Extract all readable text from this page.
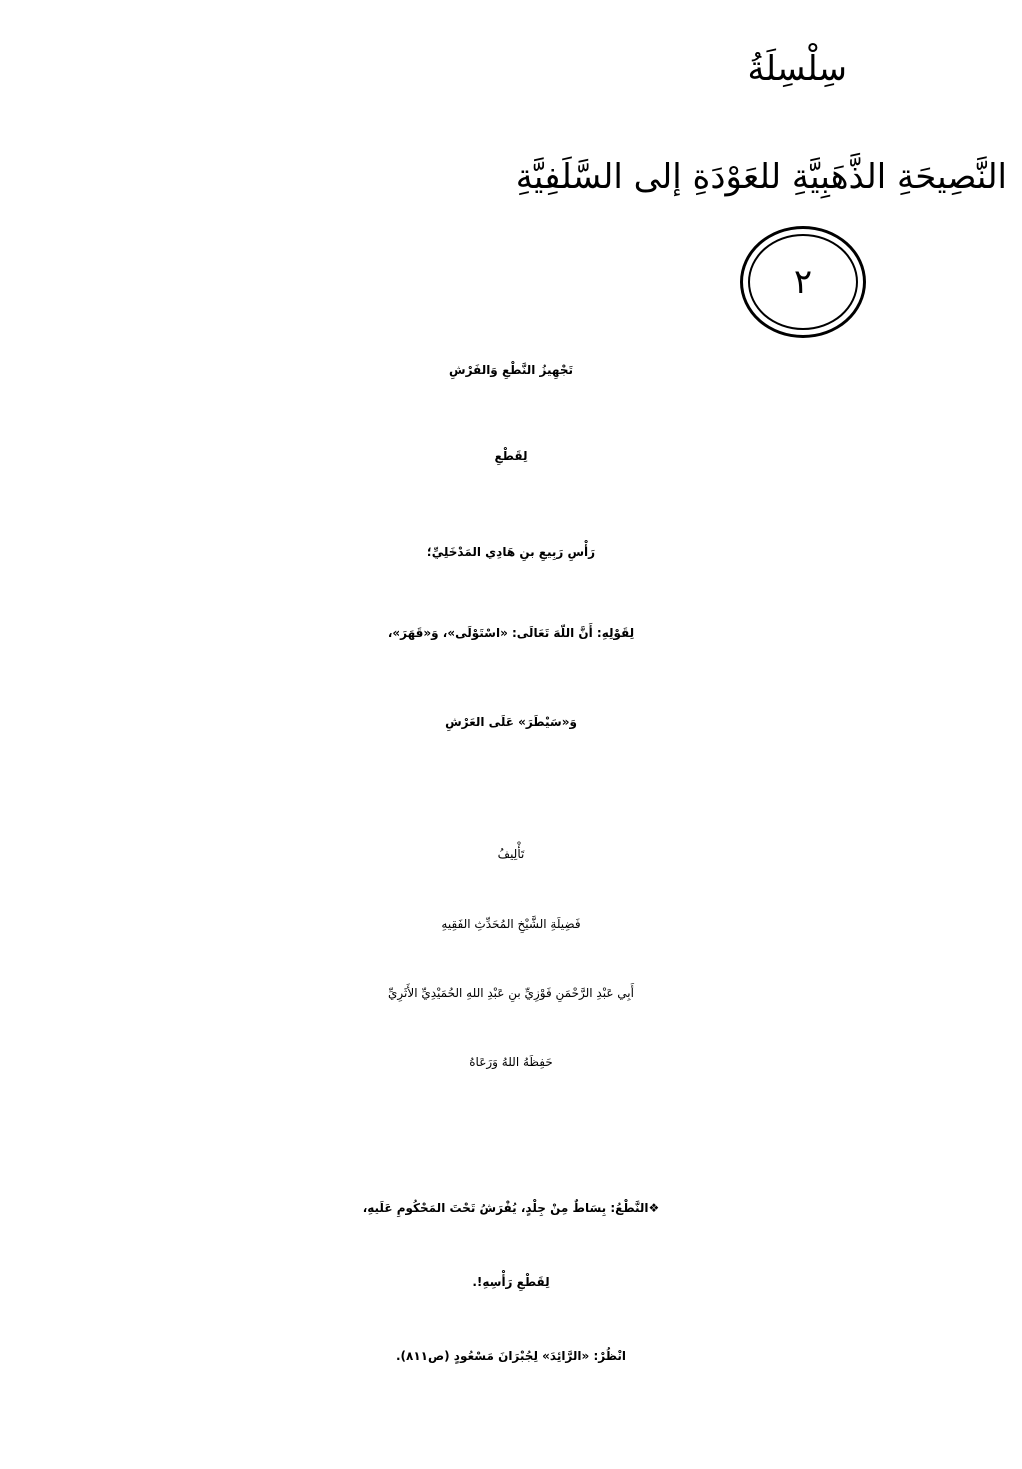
سِلْسِلَةُ
النَّصِيحَةِ الذَّهَبِيَّةِ للعَوْدَةِ إلى السَّلَفِيَّةِ
٢
تَجْهِيزُ النَّطْعِ وَالفَرْشِ
لِقَطْعِ
رَأْسِ رَبِيعِ بنِ هَادِي المَدْخَلِيِّ؛
لِقَوْلِهِ: أَنَّ اللّهَ تَعَالَى: «اسْتَوْلَى»، وَ«قَهَرَ»،
وَ«سَيْطَرَ» عَلَى العَرْشِ
تَأْلِيفُ
فَضِيلَةِ الشَّيْخِ المُحَدِّثِ الفَقِيهِ
أَبِي عَبْدِ الرَّحْمَنِ فَوْزِيِّ بنِ عَبْدِ اللهِ الحُمَيْدِيِّ الأَثَرِيِّ
حَفِظَهُ اللهُ وَرَعَاهُ
❖النَّطْعُ: بِسَاطٌ مِنْ جِلْدٍ، يُفْرَشُ تَحْتَ المَحْكُومِ عَلَيهِ،
لِقَطْعِ رَأْسِهِ!.
انْظُرْ: «الرَّائِدَ» لِجُبْرَانَ مَسْعُودٍ (ص٨١١).
